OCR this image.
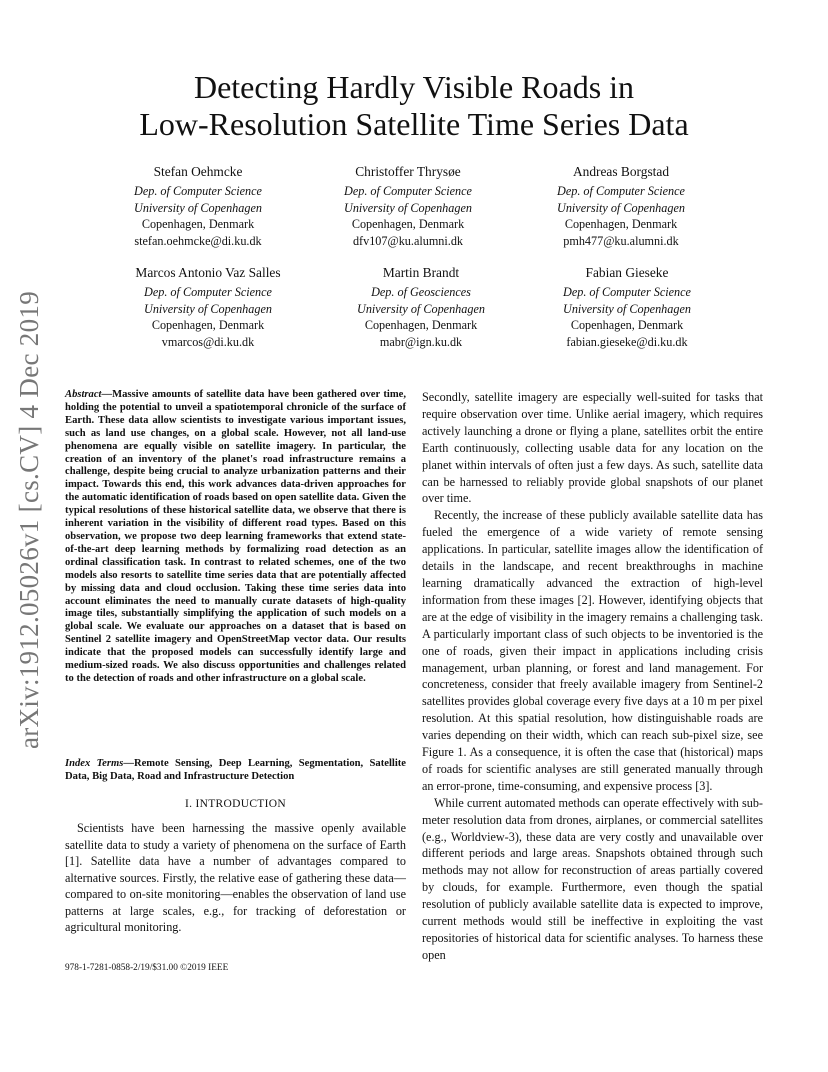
arXiv:1912.05026v1 [cs.CV] 4 Dec 2019
Detecting Hardly Visible Roads in
Low-Resolution Satellite Time Series Data
Stefan Oehmcke
Dep. of Computer Science
University of Copenhagen
Copenhagen, Denmark
stefan.oehmcke@di.ku.dk
Christoffer Thrysøe
Dep. of Computer Science
University of Copenhagen
Copenhagen, Denmark
dfv107@ku.alumni.dk
Andreas Borgstad
Dep. of Computer Science
University of Copenhagen
Copenhagen, Denmark
pmh477@ku.alumni.dk
Marcos Antonio Vaz Salles
Dep. of Computer Science
University of Copenhagen
Copenhagen, Denmark
vmarcos@di.ku.dk
Martin Brandt
Dep. of Geosciences
University of Copenhagen
Copenhagen, Denmark
mabr@ign.ku.dk
Fabian Gieseke
Dep. of Computer Science
University of Copenhagen
Copenhagen, Denmark
fabian.gieseke@di.ku.dk
Abstract—Massive amounts of satellite data have been gathered over time, holding the potential to unveil a spatiotemporal chronicle of the surface of Earth. These data allow scientists to investigate various important issues, such as land use changes, on a global scale. However, not all land-use phenomena are equally visible on satellite imagery. In particular, the creation of an inventory of the planet's road infrastructure remains a challenge, despite being crucial to analyze urbanization patterns and their impact. Towards this end, this work advances data-driven approaches for the automatic identification of roads based on open satellite data. Given the typical resolutions of these historical satellite data, we observe that there is inherent variation in the visibility of different road types. Based on this observation, we propose two deep learning frameworks that extend state-of-the-art deep learning methods by formalizing road detection as an ordinal classification task. In contrast to related schemes, one of the two models also resorts to satellite time series data that are potentially affected by missing data and cloud occlusion. Taking these time series data into account eliminates the need to manually curate datasets of high-quality image tiles, substantially simplifying the application of such models on a global scale. We evaluate our approaches on a dataset that is based on Sentinel 2 satellite imagery and OpenStreetMap vector data. Our results indicate that the proposed models can successfully identify large and medium-sized roads. We also discuss opportunities and challenges related to the detection of roads and other infrastructure on a global scale.
Index Terms—Remote Sensing, Deep Learning, Segmentation, Satellite Data, Big Data, Road and Infrastructure Detection
I. INTRODUCTION
Scientists have been harnessing the massive openly available satellite data to study a variety of phenomena on the surface of Earth [1]. Satellite data have a number of advantages compared to alternative sources. Firstly, the relative ease of gathering these data—compared to on-site monitoring—enables the observation of land use patterns at large scales, e.g., for tracking of deforestation or agricultural monitoring.
978-1-7281-0858-2/19/$31.00 ©2019 IEEE

Secondly, satellite imagery are especially well-suited for tasks that require observation over time. Unlike aerial imagery, which requires actively launching a drone or flying a plane, satellites orbit the entire Earth continuously, collecting usable data for any location on the planet within intervals of often just a few days. As such, satellite data can be harnessed to reliably provide global snapshots of our planet over time.

Recently, the increase of these publicly available satellite data has fueled the emergence of a wide variety of remote sensing applications. In particular, satellite images allow the identification of details in the landscape, and recent breakthroughs in machine learning dramatically advanced the extraction of high-level information from these images [2]. However, identifying objects that are at the edge of visibility in the imagery remains a challenging task. A particularly important class of such objects to be inventoried is the one of roads, given their impact in applications including crisis management, urban planning, or forest and land management. For concreteness, consider that freely available imagery from Sentinel-2 satellites provides global coverage every five days at a 10 m per pixel resolution. At this spatial resolution, how distinguishable roads are varies depending on their width, which can reach sub-pixel size, see Figure 1. As a consequence, it is often the case that (historical) maps of roads for scientific analyses are still generated manually through an error-prone, time-consuming, and expensive process [3].

While current automated methods can operate effectively with sub-meter resolution data from drones, airplanes, or commercial satellites (e.g., Worldview-3), these data are very costly and unavailable over different periods and large areas. Snapshots obtained through such methods may not allow for reconstruction of areas partially covered by clouds, for example. Furthermore, even though the spatial resolution of publicly available satellite data is expected to improve, current methods would still be ineffective in exploiting the vast repositories of historical data for scientific analyses. To harness these open
